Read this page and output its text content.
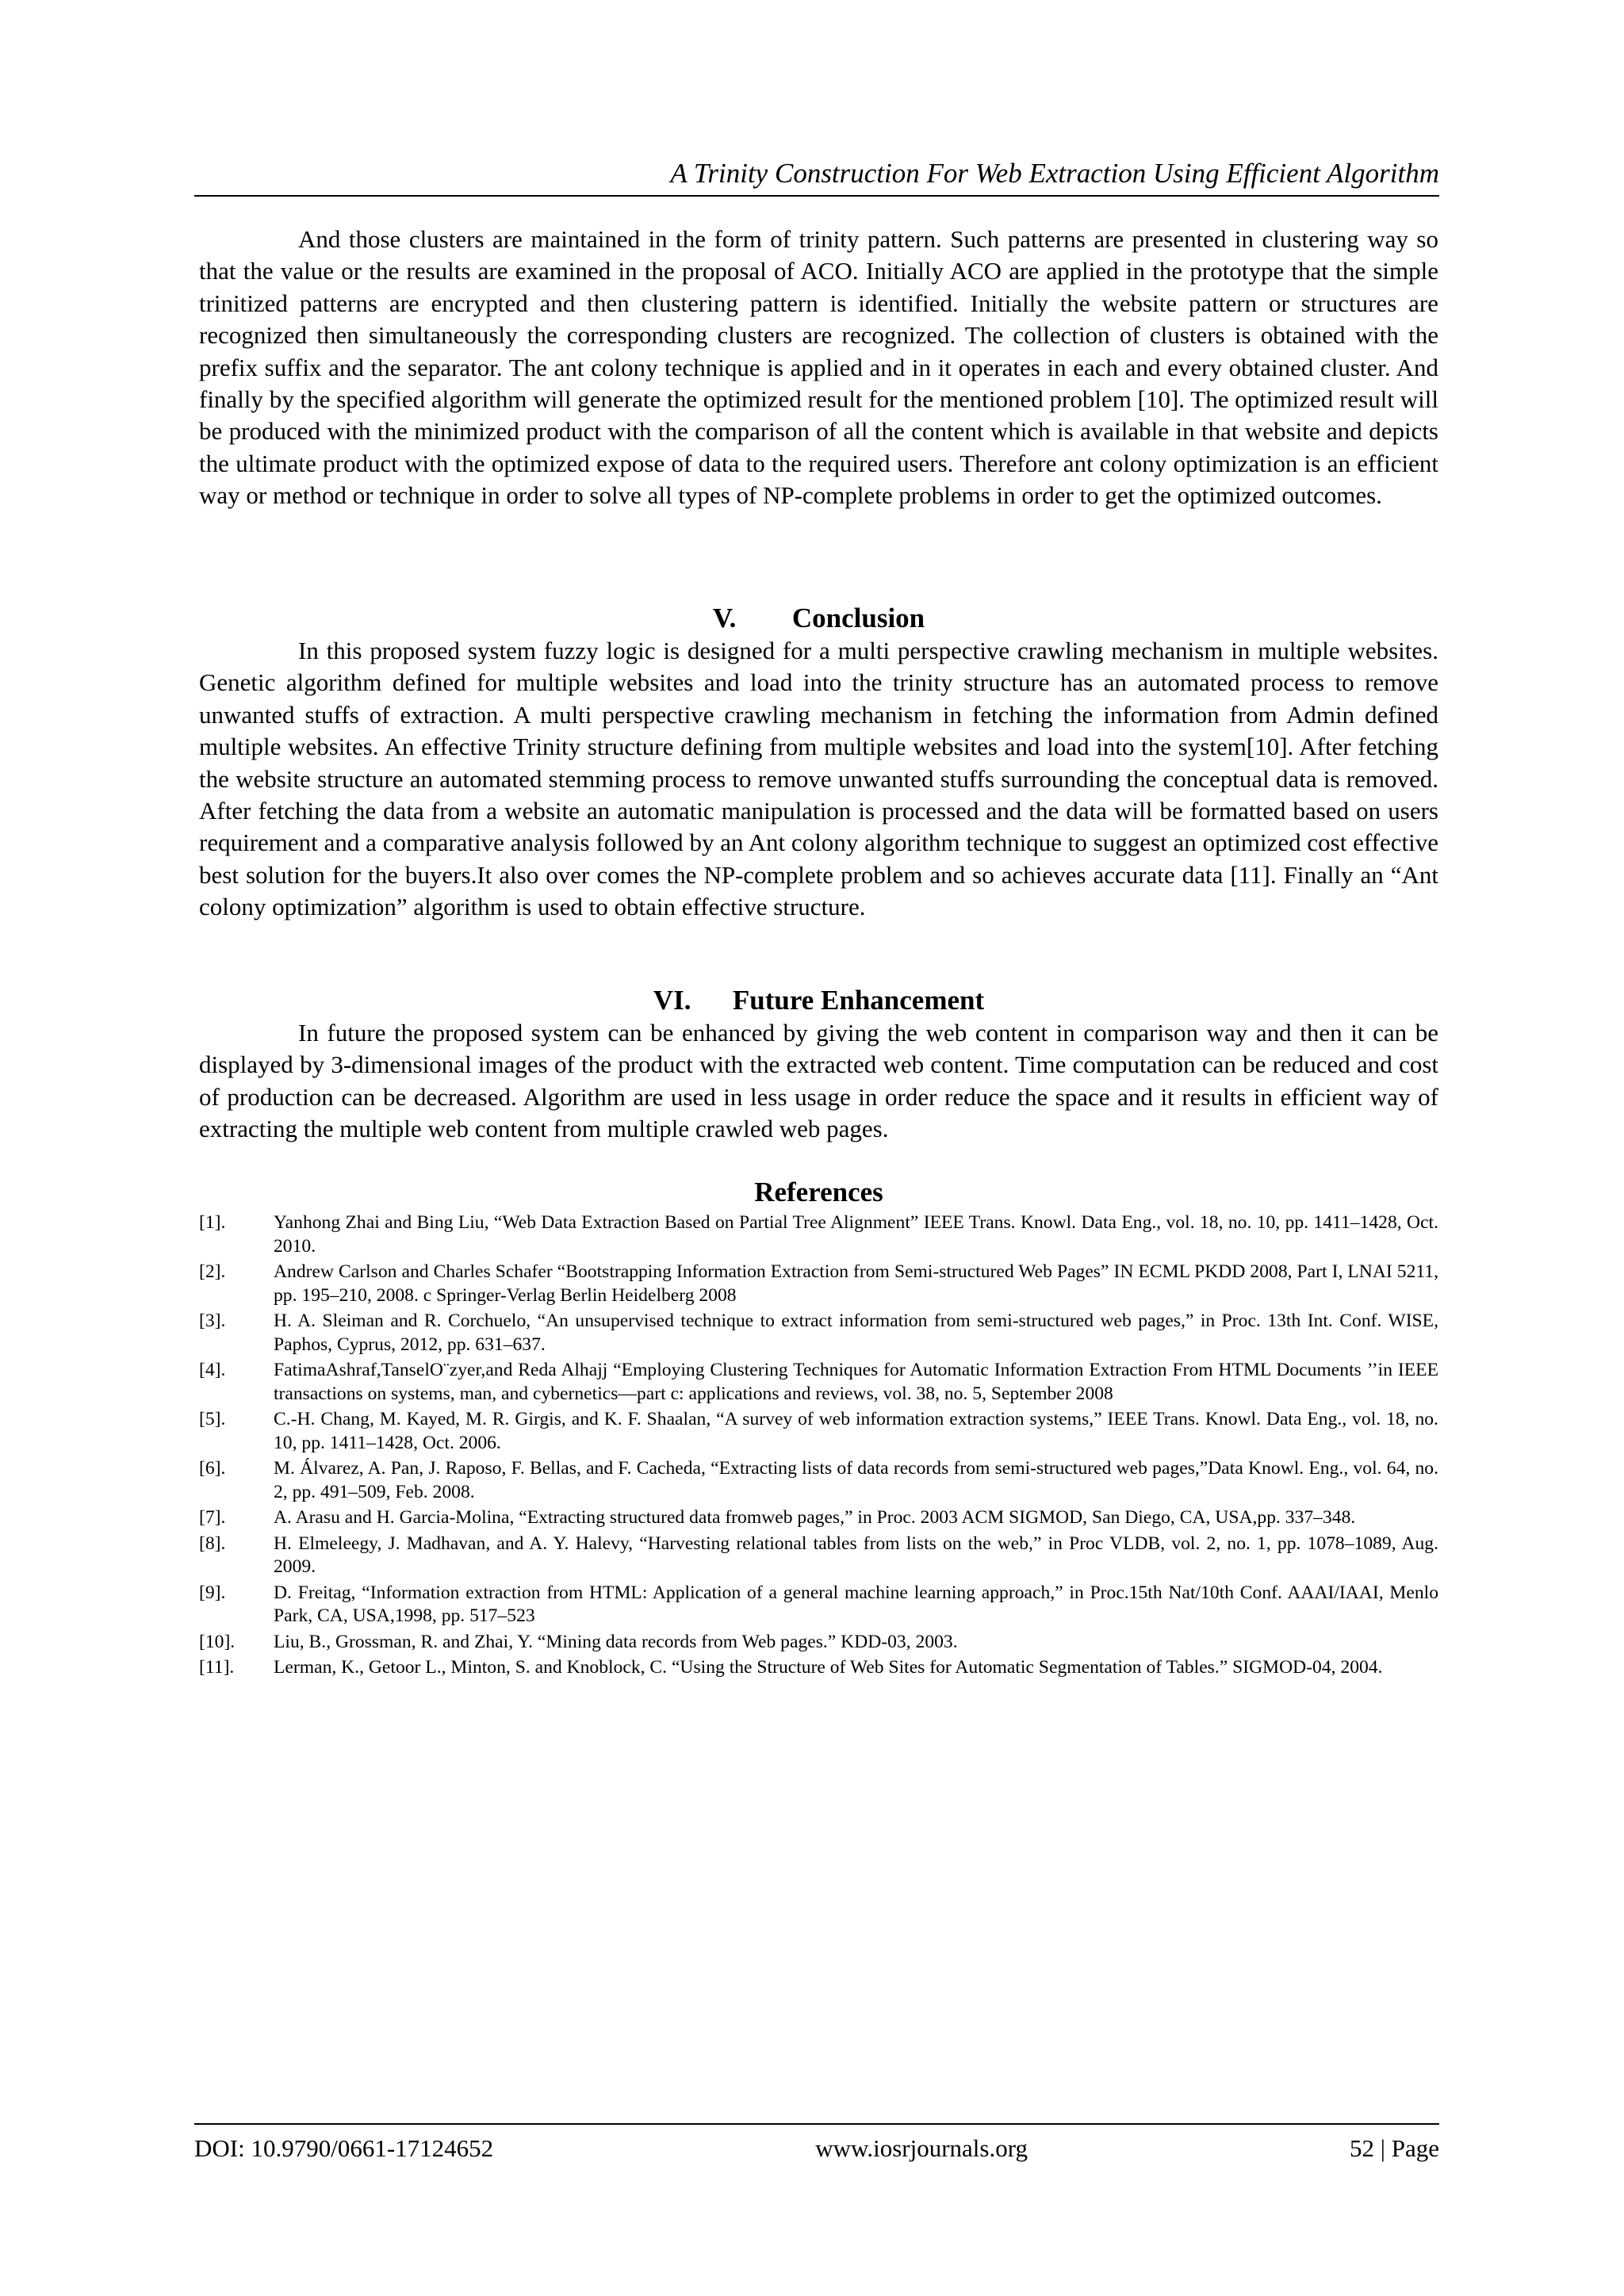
A Trinity Construction For Web Extraction Using Efficient Algorithm

And those clusters are maintained in the form of trinity pattern. Such patterns are presented in clustering way so that the value or the results are examined in the proposal of ACO. Initially ACO are applied in the prototype that the simple trinitized patterns are encrypted and then clustering pattern is identified. Initially the website pattern or structures are recognized then simultaneously the corresponding clusters are recognized. The collection of clusters is obtained with the prefix suffix and the separator. The ant colony technique is applied and in it operates in each and every obtained cluster. And finally by the specified algorithm will generate the optimized result for the mentioned problem [10]. The optimized result will be produced with the minimized product with the comparison of all the content which is available in that website and depicts the ultimate product with the optimized expose of data to the required users. Therefore ant colony optimization is an efficient way or method or technique in order to solve all types of NP-complete problems in order to get the optimized outcomes.

V. Conclusion

In this proposed system fuzzy logic is designed for a multi perspective crawling mechanism in multiple websites. Genetic algorithm defined for multiple websites and load into the trinity structure has an automated process to remove unwanted stuffs of extraction. A multi perspective crawling mechanism in fetching the information from Admin defined multiple websites. An effective Trinity structure defining from multiple websites and load into the system[10]. After fetching the website structure an automated stemming process to remove unwanted stuffs surrounding the conceptual data is removed. After fetching the data from a website an automatic manipulation is processed and the data will be formatted based on users requirement and a comparative analysis followed by an Ant colony algorithm technique to suggest an optimized cost effective best solution for the buyers.It also over comes the NP-complete problem and so achieves accurate data [11]. Finally an “Ant colony optimization” algorithm is used to obtain effective structure.

VI. Future Enhancement

In future the proposed system can be enhanced by giving the web content in comparison way and then it can be displayed by 3-dimensional images of the product with the extracted web content. Time computation can be reduced and cost of production can be decreased. Algorithm are used in less usage in order reduce the space and it results in efficient way of extracting the multiple web content from multiple crawled web pages.

References
[1].	Yanhong Zhai and Bing Liu, “Web Data Extraction Based on Partial Tree Alignment” IEEE Trans. Knowl. Data Eng., vol. 18, no. 10, pp. 1411–1428, Oct. 2010.
[2].	Andrew Carlson and Charles Schafer “Bootstrapping Information Extraction from Semi-structured Web Pages” IN ECML PKDD 2008, Part I, LNAI 5211, pp. 195–210, 2008. c Springer-Verlag Berlin Heidelberg 2008
[3].	H. A. Sleiman and R. Corchuelo, “An unsupervised technique to extract information from semi-structured web pages,” in Proc. 13th Int. Conf. WISE, Paphos, Cyprus, 2012, pp. 631–637.
[4].	FatimaAshraf,TanselO¨zyer,and Reda Alhajj “Employing Clustering Techniques for Automatic Information Extraction From HTML Documents ’’in IEEE transactions on systems, man, and cybernetics—part c: applications and reviews, vol. 38, no. 5, September 2008
[5].	C.-H. Chang, M. Kayed, M. R. Girgis, and K. F. Shaalan, “A survey of web information extraction systems,” IEEE Trans. Knowl. Data Eng., vol. 18, no. 10, pp. 1411–1428, Oct. 2006.
[6].	M. Álvarez, A. Pan, J. Raposo, F. Bellas, and F. Cacheda, “Extracting lists of data records from semi-structured web pages,”Data Knowl. Eng., vol. 64, no. 2, pp. 491–509, Feb. 2008.
[7].	A. Arasu and H. Garcia-Molina, “Extracting structured data fromweb pages,” in Proc. 2003 ACM SIGMOD, San Diego, CA, USA,pp. 337–348.
[8].	H. Elmeleegy, J. Madhavan, and A. Y. Halevy, “Harvesting relational tables from lists on the web,” in Proc VLDB, vol. 2, no. 1, pp. 1078–1089, Aug. 2009.
[9].	D. Freitag, “Information extraction from HTML: Application of a general machine learning approach,” in Proc.15th Nat/10th Conf. AAAI/IAAI, Menlo Park, CA, USA,1998, pp. 517–523
[10].	Liu, B., Grossman, R. and Zhai, Y. “Mining data records from Web pages.” KDD-03, 2003.
[11].	Lerman, K., Getoor L., Minton, S. and Knoblock, C. “Using the Structure of Web Sites for Automatic Segmentation of Tables.” SIGMOD-04, 2004.
DOI: 10.9790/0661-17124652	www.iosrjournals.org	52 | Page
